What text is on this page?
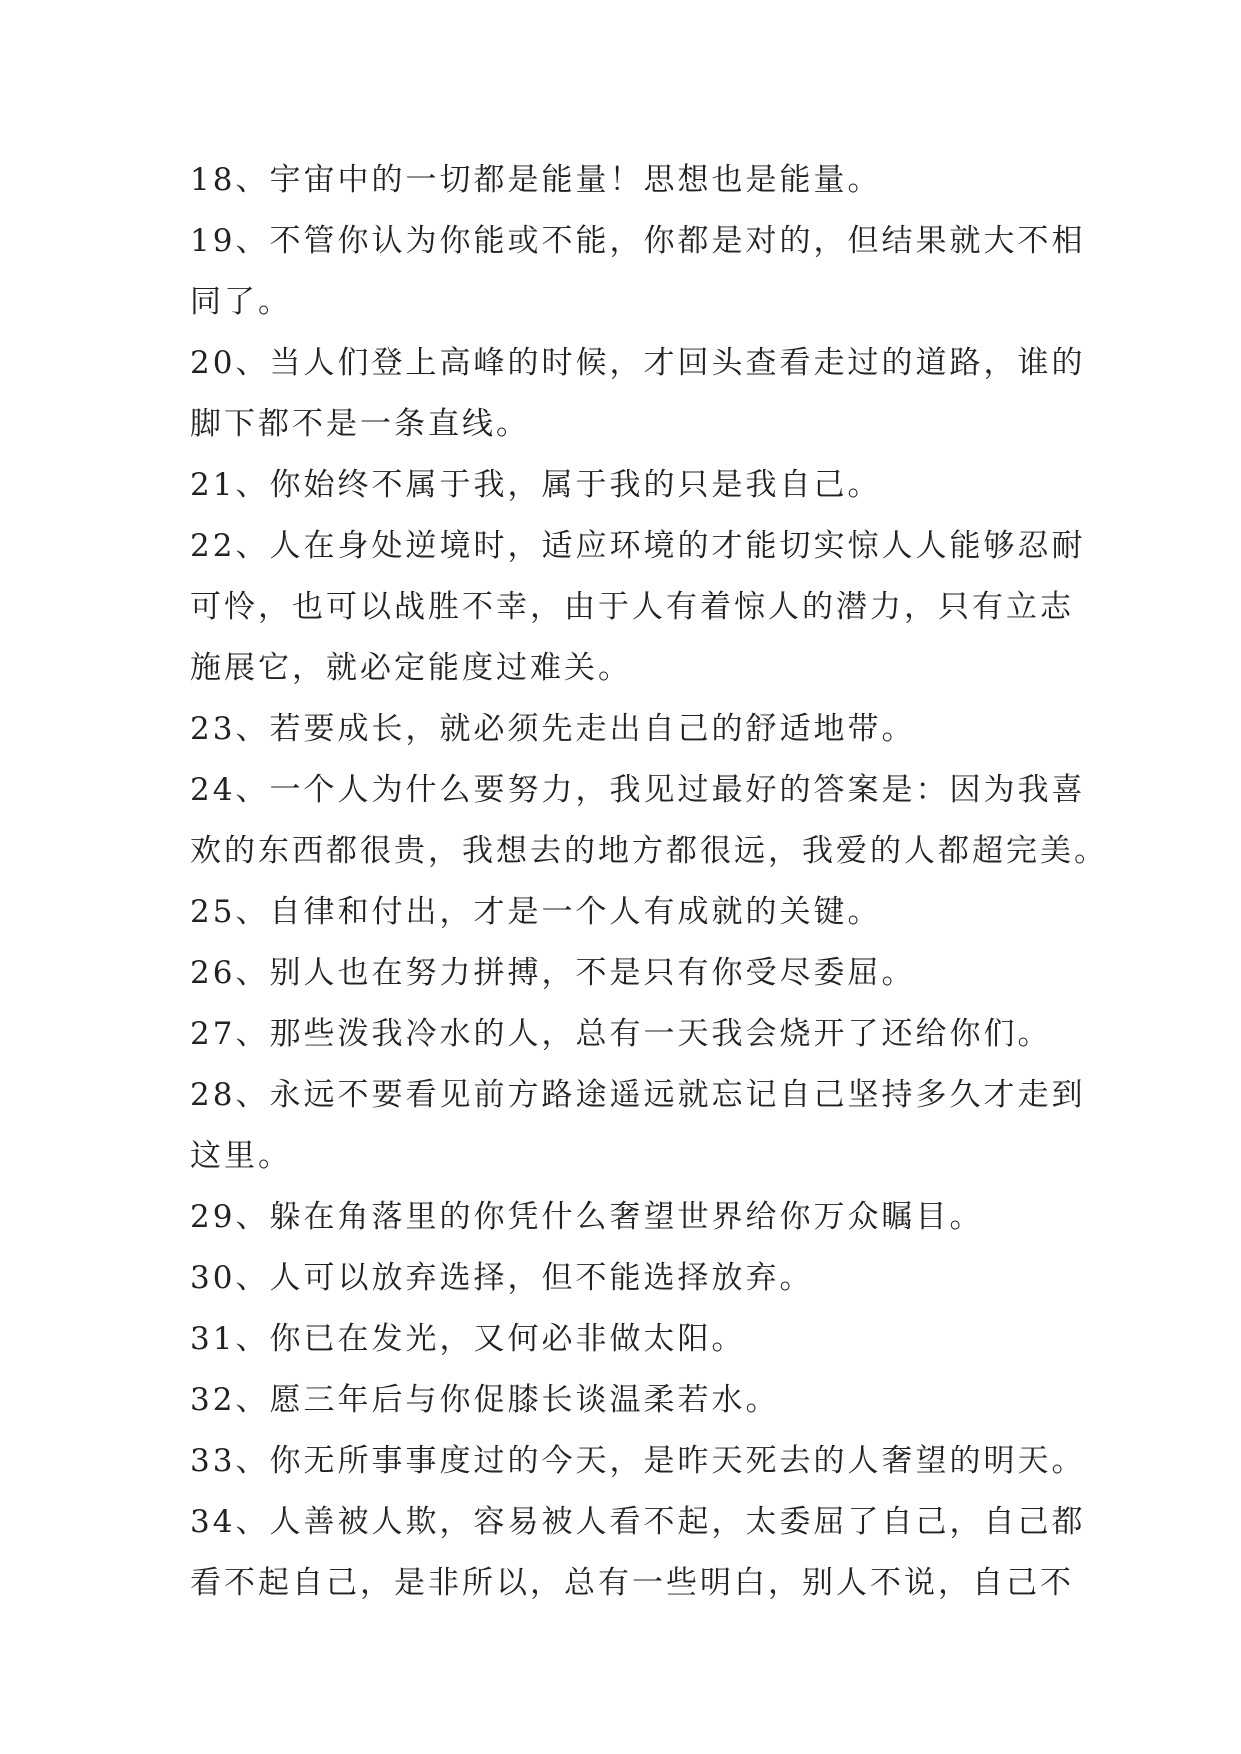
18、宇宙中的一切都是能量！思想也是能量。
19、不管你认为你能或不能，你都是对的，但结果就大不相
同了。
20、当人们登上高峰的时候，才回头查看走过的道路，谁的
脚下都不是一条直线。
21、你始终不属于我，属于我的只是我自己。
22、人在身处逆境时，适应环境的才能切实惊人人能够忍耐
可怜，也可以战胜不幸，由于人有着惊人的潜力，只有立志
施展它，就必定能度过难关。
23、若要成长，就必须先走出自己的舒适地带。
24、一个人为什么要努力，我见过最好的答案是：因为我喜
欢的东西都很贵，我想去的地方都很远，我爱的人都超完美。
25、自律和付出，才是一个人有成就的关键。
26、别人也在努力拼搏，不是只有你受尽委屈。
27、那些泼我冷水的人，总有一天我会烧开了还给你们。
28、永远不要看见前方路途遥远就忘记自己坚持多久才走到
这里。
29、躲在角落里的你凭什么奢望世界给你万众瞩目。
30、人可以放弃选择，但不能选择放弃。
31、你已在发光，又何必非做太阳。
32、愿三年后与你促膝长谈温柔若水。
33、你无所事事度过的今天，是昨天死去的人奢望的明天。
34、人善被人欺，容易被人看不起，太委屈了自己，自己都
看不起自己，是非所以，总有一些明白，别人不说，自己不
